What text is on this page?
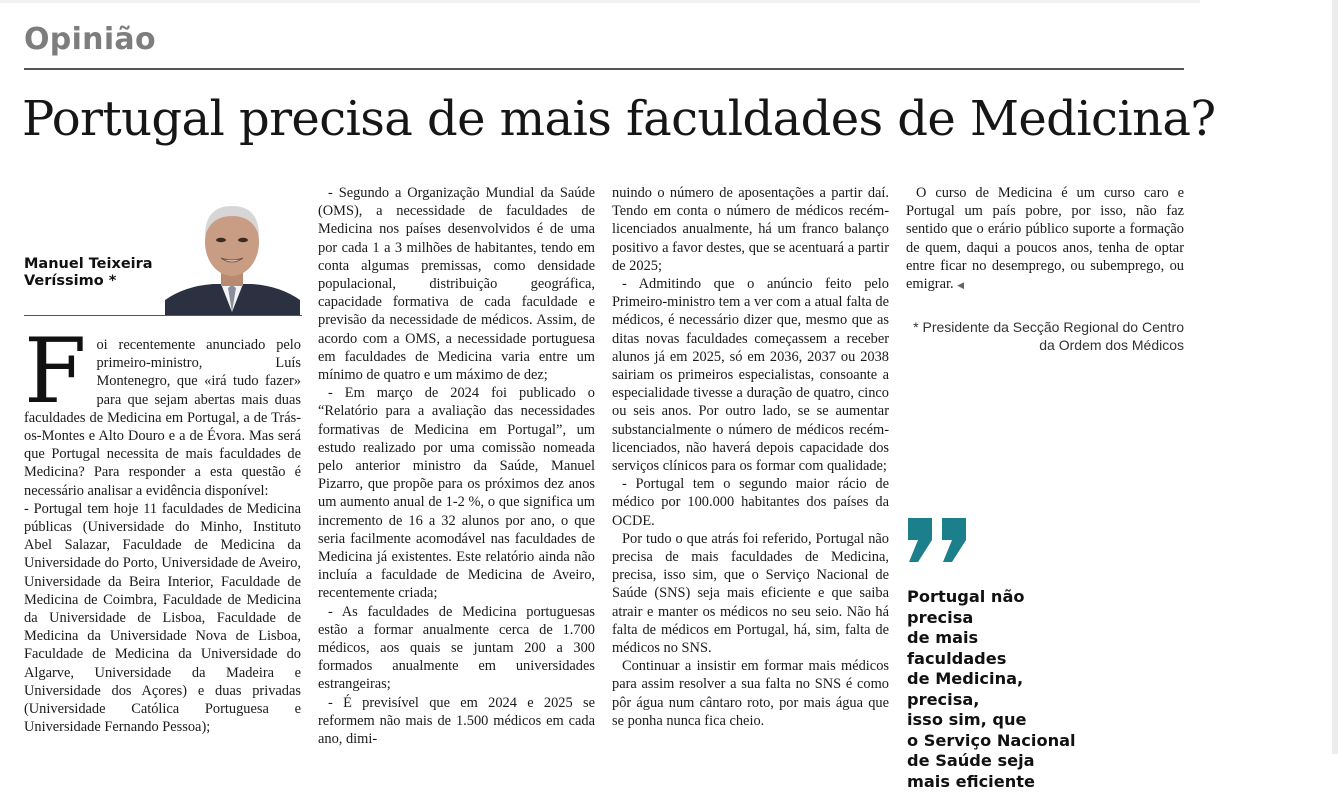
Opinião
Portugal precisa de mais faculdades de Medicina?
Manuel Teixeira
Veríssimo *
F oi recentemente anunciado pelo primeiro-ministro, Luís Montenegro, que «irá tudo fazer» para que sejam abertas mais duas faculdades de Medicina em Portugal, a de Trás-os-Montes e Alto Douro e a de Évora. Mas será que Portugal necessita de mais faculdades de Medicina? Para responder a esta questão é necessário analisar a evidência disponível:

- Portugal tem hoje 11 faculdades de Medicina públicas (Universidade do Minho, Instituto Abel Salazar, Faculdade de Medicina da Universidade do Porto, Universidade de Aveiro, Universidade da Beira Interior, Faculdade de Medicina de Coimbra, Faculdade de Medicina da Universidade de Lisboa, Faculdade de Medicina da Universidade Nova de Lisboa, Faculdade de Medicina da Universidade do Algarve, Universidade da Madeira e Universidade dos Açores) e duas privadas (Universidade Católica Portuguesa e Universidade Fernando Pessoa);

- Segundo a Organização Mundial da Saúde (OMS), a necessidade de faculdades de Medicina nos países desenvolvidos é de uma por cada 1 a 3 milhões de habitantes, tendo em conta algumas premissas, como densidade populacional, distribuição geográfica, capacidade formativa de cada faculdade e previsão da necessidade de médicos. Assim, de acordo com a OMS, a necessidade portuguesa em faculdades de Medicina varia entre um mínimo de quatro e um máximo de dez;

- Em março de 2024 foi publicado o “Relatório para a avaliação das necessidades formativas de Medicina em Portugal”, um estudo realizado por uma comissão nomeada pelo anterior ministro da Saúde, Manuel Pizarro, que propõe para os próximos dez anos um aumento anual de 1-2 %, o que significa um incremento de 16 a 32 alunos por ano, o que seria facilmente acomodável nas faculdades de Medicina já existentes. Este relatório ainda não incluía a faculdade de Medicina de Aveiro, recentemente criada;

- As faculdades de Medicina portuguesas estão a formar anualmente cerca de 1.700 médicos, aos quais se juntam 200 a 300 formados anualmente em universidades estrangeiras;

- É previsível que em 2024 e 2025 se reformem não mais de 1.500 médicos em cada ano, dimi-

nuindo o número de aposentações a partir daí. Tendo em conta o número de médicos recém-licenciados anualmente, há um franco balanço positivo a favor destes, que se acentuará a partir de 2025;

- Admitindo que o anúncio feito pelo Primeiro-ministro tem a ver com a atual falta de médicos, é necessário dizer que, mesmo que as ditas novas faculdades começassem a receber alunos já em 2025, só em 2036, 2037 ou 2038 sairiam os primeiros especialistas, consoante a especialidade tivesse a duração de quatro, cinco ou seis anos. Por outro lado, se se aumentar substancialmente o número de médicos recém-licenciados, não haverá depois capacidade dos serviços clínicos para os formar com qualidade;

- Portugal tem o segundo maior rácio de médico por 100.000 habitantes dos países da OCDE.

Por tudo o que atrás foi referido, Portugal não precisa de mais faculdades de Medicina, precisa, isso sim, que o Serviço Nacional de Saúde (SNS) seja mais eficiente e que saiba atrair e manter os médicos no seu seio. Não há falta de médicos em Portugal, há, sim, falta de médicos no SNS.

Continuar a insistir em formar mais médicos para assim resolver a sua falta no SNS é como pôr água num cântaro roto, por mais água que se ponha nunca fica cheio.

O curso de Medicina é um curso caro e Portugal um país pobre, por isso, não faz sentido que o erário público suporte a formação de quem, daqui a poucos anos, tenha de optar entre ficar no desemprego, ou subemprego, ou emigrar. ◀

* Presidente da Secção Regional do Centro
da Ordem dos Médicos
Portugal não precisa
de mais faculdades
de Medicina, precisa,
isso sim, que
o Serviço Nacional
de Saúde seja
mais eficiente
